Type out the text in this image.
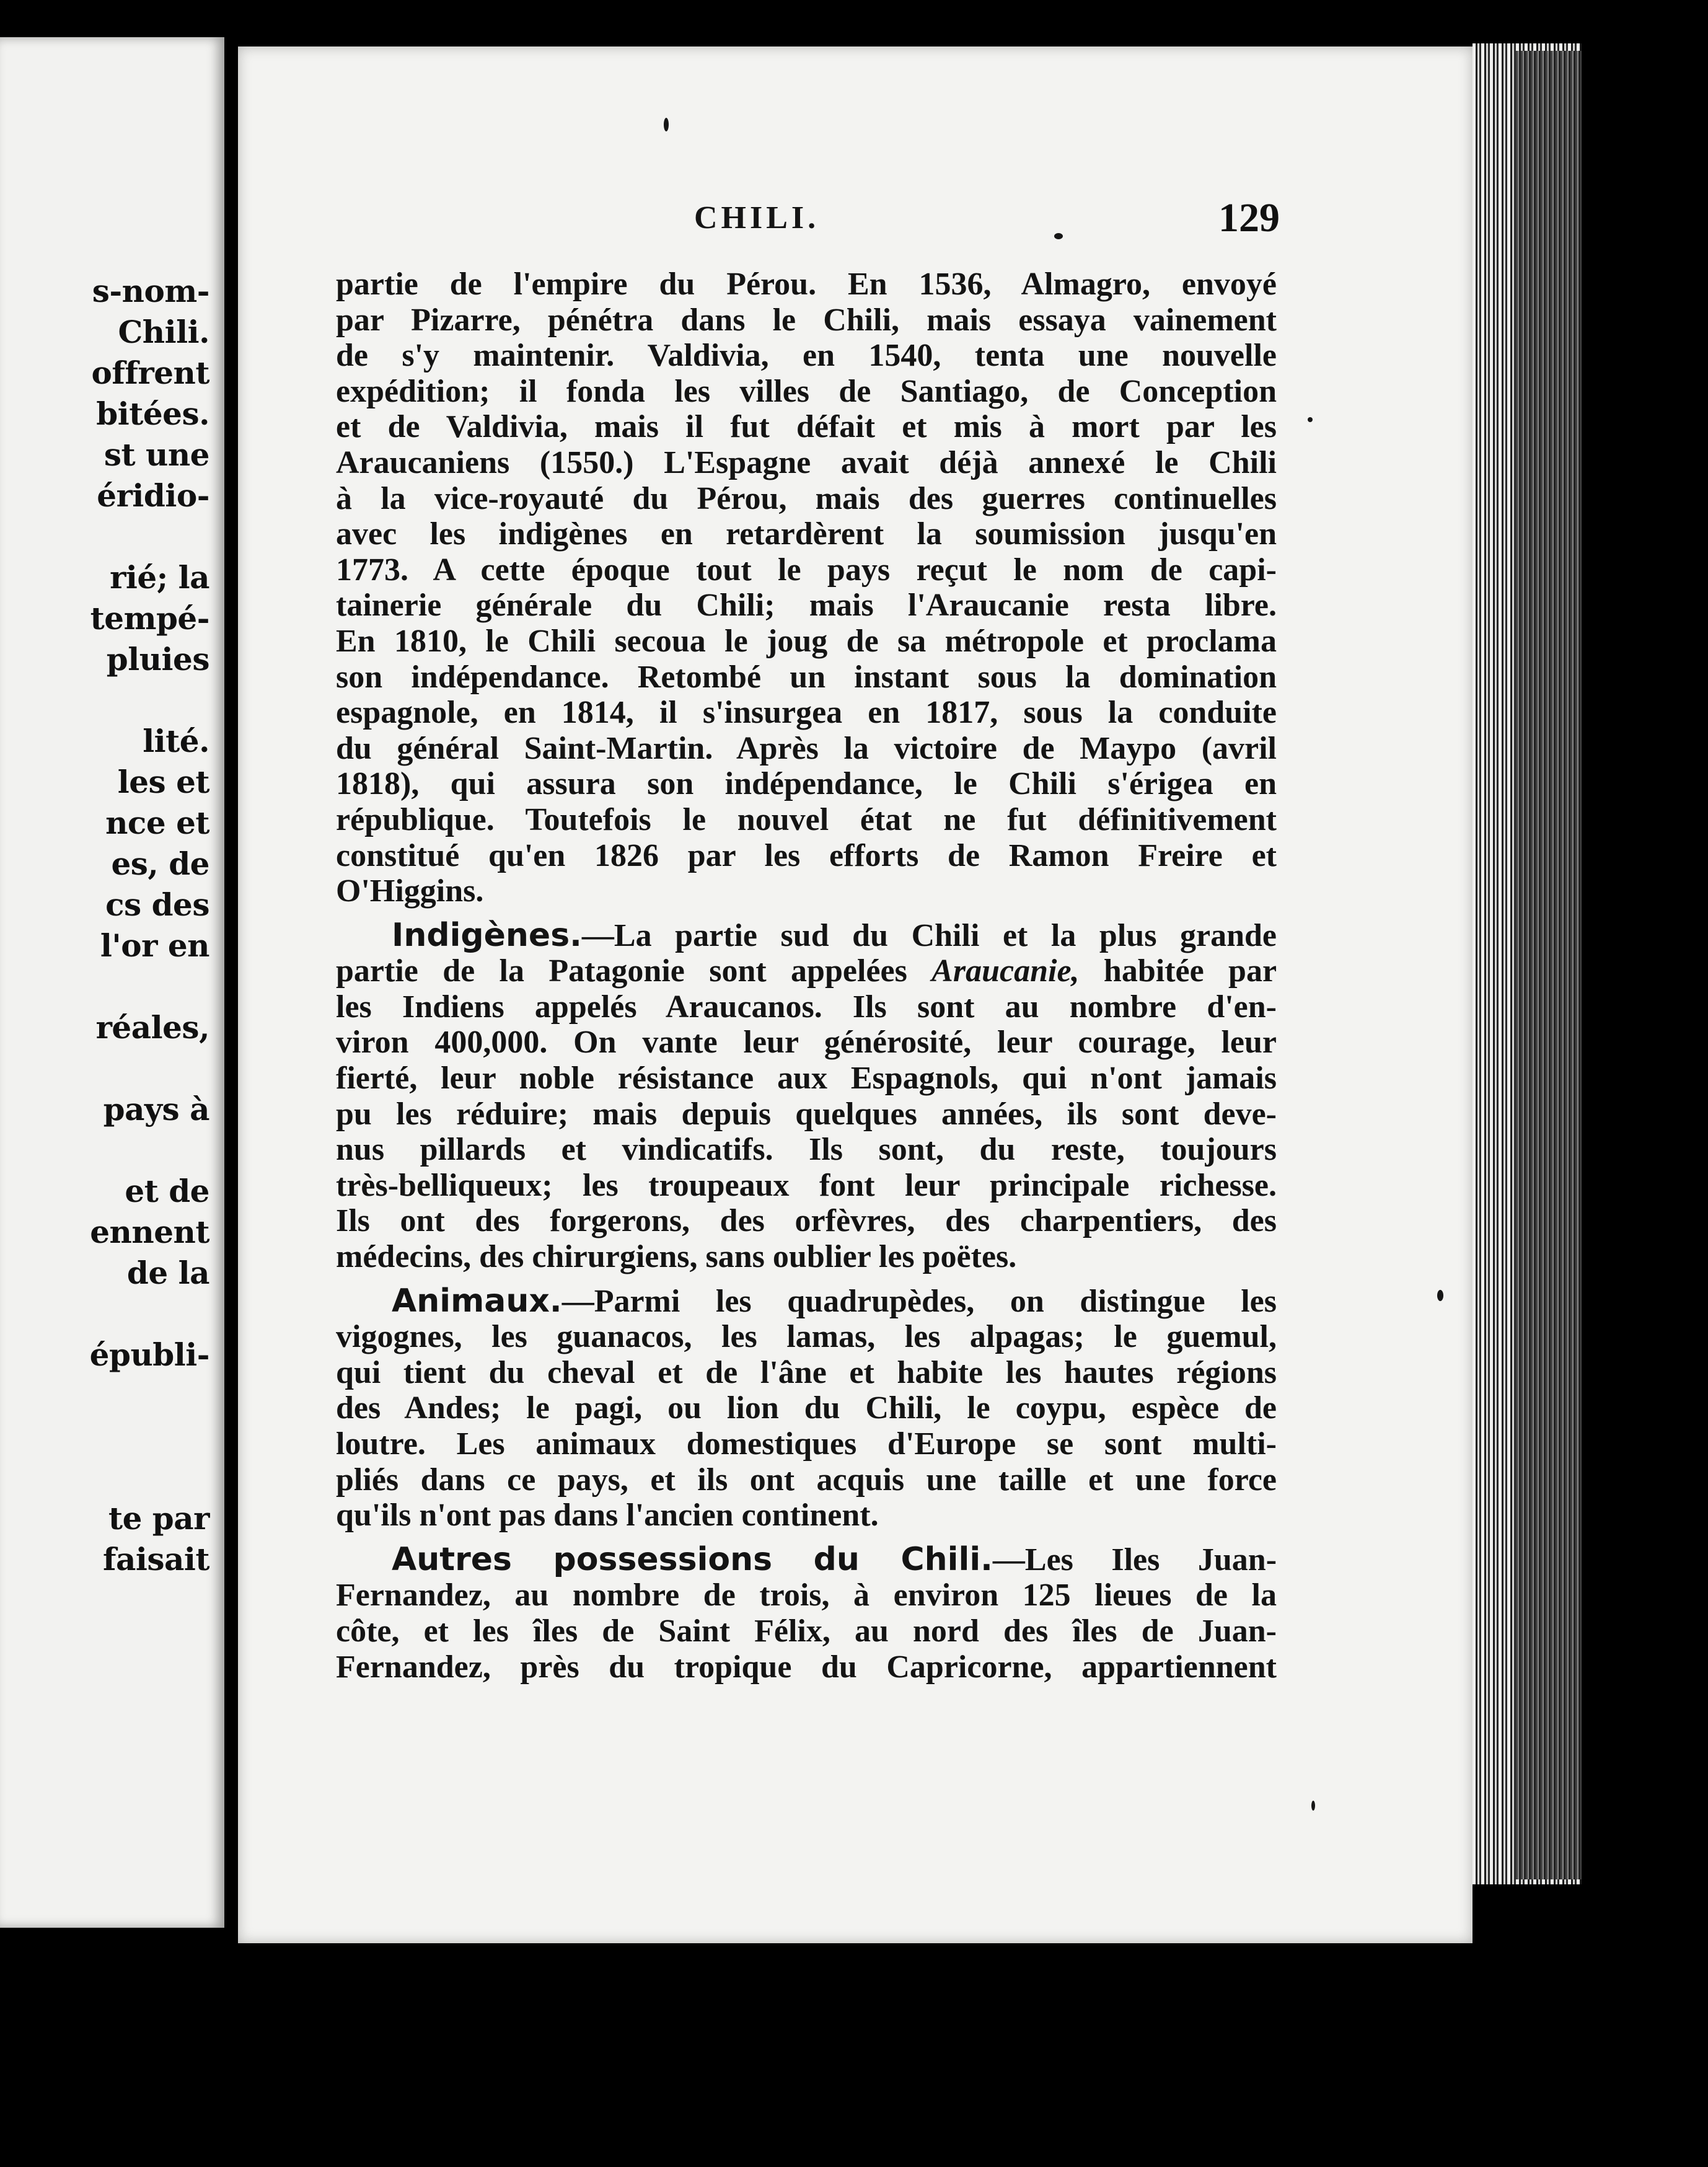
s-nom-
Chili.
offrent
bitées.
st une
éridio-
rié; la
tempé-
pluies
lité.
les et
nce et
es, de
cs des
l'or en
réales,
pays à
et de
ennent
de la
épubli-
te par
faisait
CHILI.	129
partie de l'empire du Pérou. En 1536, Almagro, envoyé
par Pizarre, pénétra dans le Chili, mais essaya vainement
de s'y maintenir. Valdivia, en 1540, tenta une nouvelle
expédition; il fonda les villes de Santiago, de Conception
et de Valdivia, mais il fut défait et mis à mort par les
Araucaniens (1550.) L'Espagne avait déjà annexé le Chili
à la vice-royauté du Pérou, mais des guerres continuelles
avec les indigènes en retardèrent la soumission jusqu'en
1773. A cette époque tout le pays reçut le nom de capi-
tainerie générale du Chili; mais l'Araucanie resta libre.
En 1810, le Chili secoua le joug de sa métropole et proclama
son indépendance. Retombé un instant sous la domination
espagnole, en 1814, il s'insurgea en 1817, sous la conduite
du général Saint-Martin. Après la victoire de Maypo (avril
1818), qui assura son indépendance, le Chili s'érigea en
république. Toutefois le nouvel état ne fut définitivement
constitué qu'en 1826 par les efforts de Ramon Freire et
O'Higgins.
Indigènes.—La partie sud du Chili et la plus grande
partie de la Patagonie sont appelées Araucanie, habitée par
les Indiens appelés Araucanos. Ils sont au nombre d'en-
viron 400,000. On vante leur générosité, leur courage, leur
fierté, leur noble résistance aux Espagnols, qui n'ont jamais
pu les réduire; mais depuis quelques années, ils sont deve-
nus pillards et vindicatifs. Ils sont, du reste, toujours
très-belliqueux; les troupeaux font leur principale richesse.
Ils ont des forgerons, des orfèvres, des charpentiers, des
médecins, des chirurgiens, sans oublier les poëtes.
Animaux.—Parmi les quadrupèdes, on distingue les
vigognes, les guanacos, les lamas, les alpagas; le guemul,
qui tient du cheval et de l'âne et habite les hautes régions
des Andes; le pagi, ou lion du Chili, le coypu, espèce de
loutre. Les animaux domestiques d'Europe se sont multi-
pliés dans ce pays, et ils ont acquis une taille et une force
qu'ils n'ont pas dans l'ancien continent.
Autres possessions du Chili.—Les Iles Juan-
Fernandez, au nombre de trois, à environ 125 lieues de la
côte, et les îles de Saint Félix, au nord des îles de Juan-
Fernandez, près du tropique du Capricorne, appartiennent
